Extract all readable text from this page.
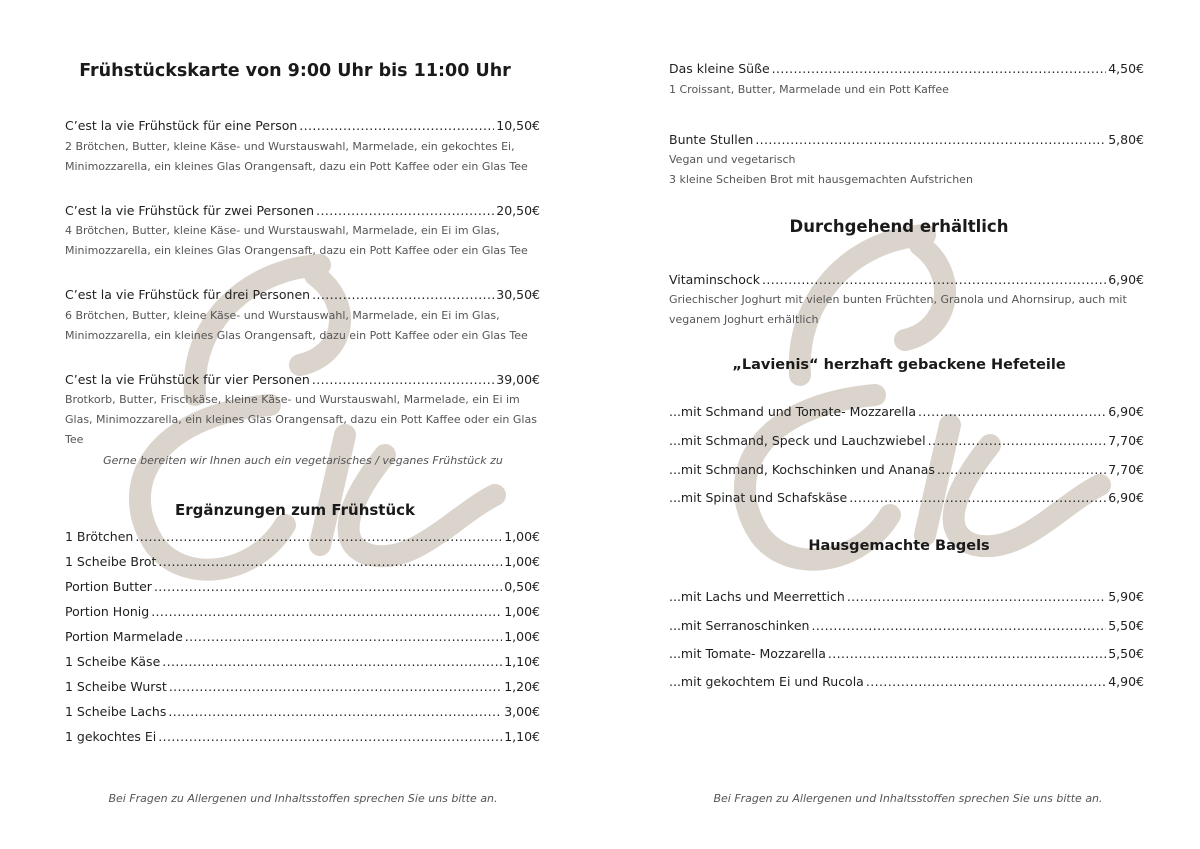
Frühstückskarte von 9:00 Uhr bis 11:00 Uhr
C’est la vie Frühstück für eine Person .....	10,50€
2 Brötchen, Butter, kleine Käse- und Wurstauswahl, Marmelade, ein gekochtes Ei, Minimozzarella, ein kleines Glas Orangensaft, dazu ein Pott Kaffee oder ein Glas Tee
C’est la vie Frühstück für zwei Personen .....	20,50€
4 Brötchen, Butter, kleine Käse- und Wurstauswahl, Marmelade, ein Ei im Glas, Minimozzarella, ein kleines Glas Orangensaft, dazu ein Pott Kaffee oder ein Glas Tee
C’est la vie Frühstück für drei Personen .....	30,50€
6 Brötchen, Butter, kleine Käse- und Wurstauswahl, Marmelade, ein Ei im Glas, Minimozzarella, ein kleines Glas Orangensaft, dazu ein Pott Kaffee oder ein Glas Tee
C’est la vie Frühstück für vier Personen .....	39,00€
Brotkorb, Butter, Frischkäse, kleine Käse- und Wurstauswahl, Marmelade, ein Ei im Glas, Minimozzarella, ein kleines Glas Orangensaft, dazu ein Pott Kaffee oder ein Glas Tee
Gerne bereiten wir Ihnen auch ein vegetarisches / veganes Frühstück zu
Ergänzungen zum Frühstück
1 Brötchen .....	1,00€
1 Scheibe Brot .....	1,00€
Portion Butter .....	0,50€
Portion Honig .....	1,00€
Portion Marmelade .....	1,00€
1 Scheibe Käse .....	1,10€
1 Scheibe Wurst .....	1,20€
1 Scheibe Lachs .....	3,00€
1 gekochtes Ei .....	1,10€
Bei Fragen zu Allergenen und Inhaltsstoffen sprechen Sie uns bitte an.
Das kleine Süße .....	4,50€
1 Croissant, Butter, Marmelade und ein Pott Kaffee
Bunte Stullen .....	5,80€
Vegan und vegetarisch
3 kleine Scheiben Brot mit hausgemachten Aufstrichen
Durchgehend erhältlich
Vitaminschock .....	6,90€
Griechischer Joghurt mit vielen bunten Früchten, Granola und Ahornsirup, auch mit veganem Joghurt erhältlich
„Lavienis“ herzhaft gebackene Hefeteile
...mit Schmand und Tomate- Mozzarella .....	6,90€
...mit Schmand, Speck und Lauchzwiebel .....	7,70€
...mit Schmand, Kochschinken und Ananas .....	7,70€
...mit Spinat und Schafskäse .....	6,90€
Hausgemachte Bagels
...mit Lachs und Meerrettich .....	5,90€
...mit Serranoschinken .....	5,50€
...mit Tomate- Mozzarella .....	5,50€
...mit gekochtem Ei und Rucola .....	4,90€
Bei Fragen zu Allergenen und Inhaltsstoffen sprechen Sie uns bitte an.
